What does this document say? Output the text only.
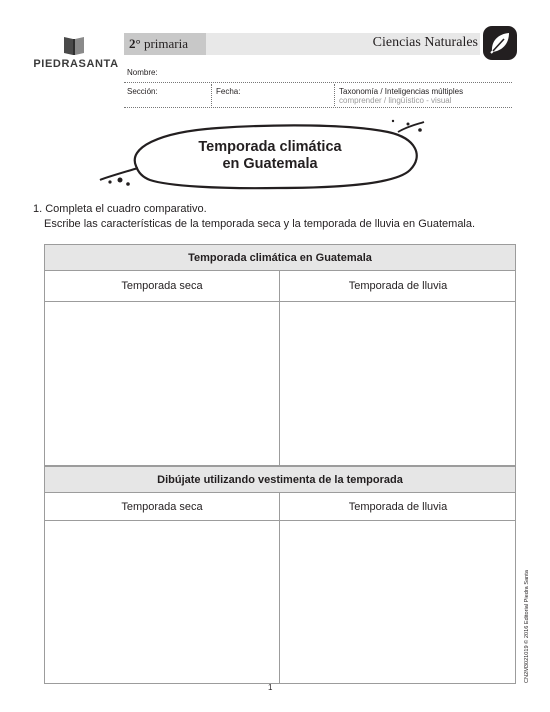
PIEDRASANTA
2° primaria	Ciencias Naturales
Nombre:
Sección:	Fecha:	Taxonomía / Inteligencias múltiples
comprender / lingüístico - visual
Temporada climática
en Guatemala
1. Completa el cuadro comparativo.
Escribe las características de la temporada seca y la temporada de lluvia en Guatemala.
Temporada climática en Guatemala
Temporada seca	Temporada de lluvia
Dibújate utilizando vestimenta de la temporada
Temporada seca	Temporada de lluvia
CN2M3021019 © 2016 Editorial Piedra Santa
1
